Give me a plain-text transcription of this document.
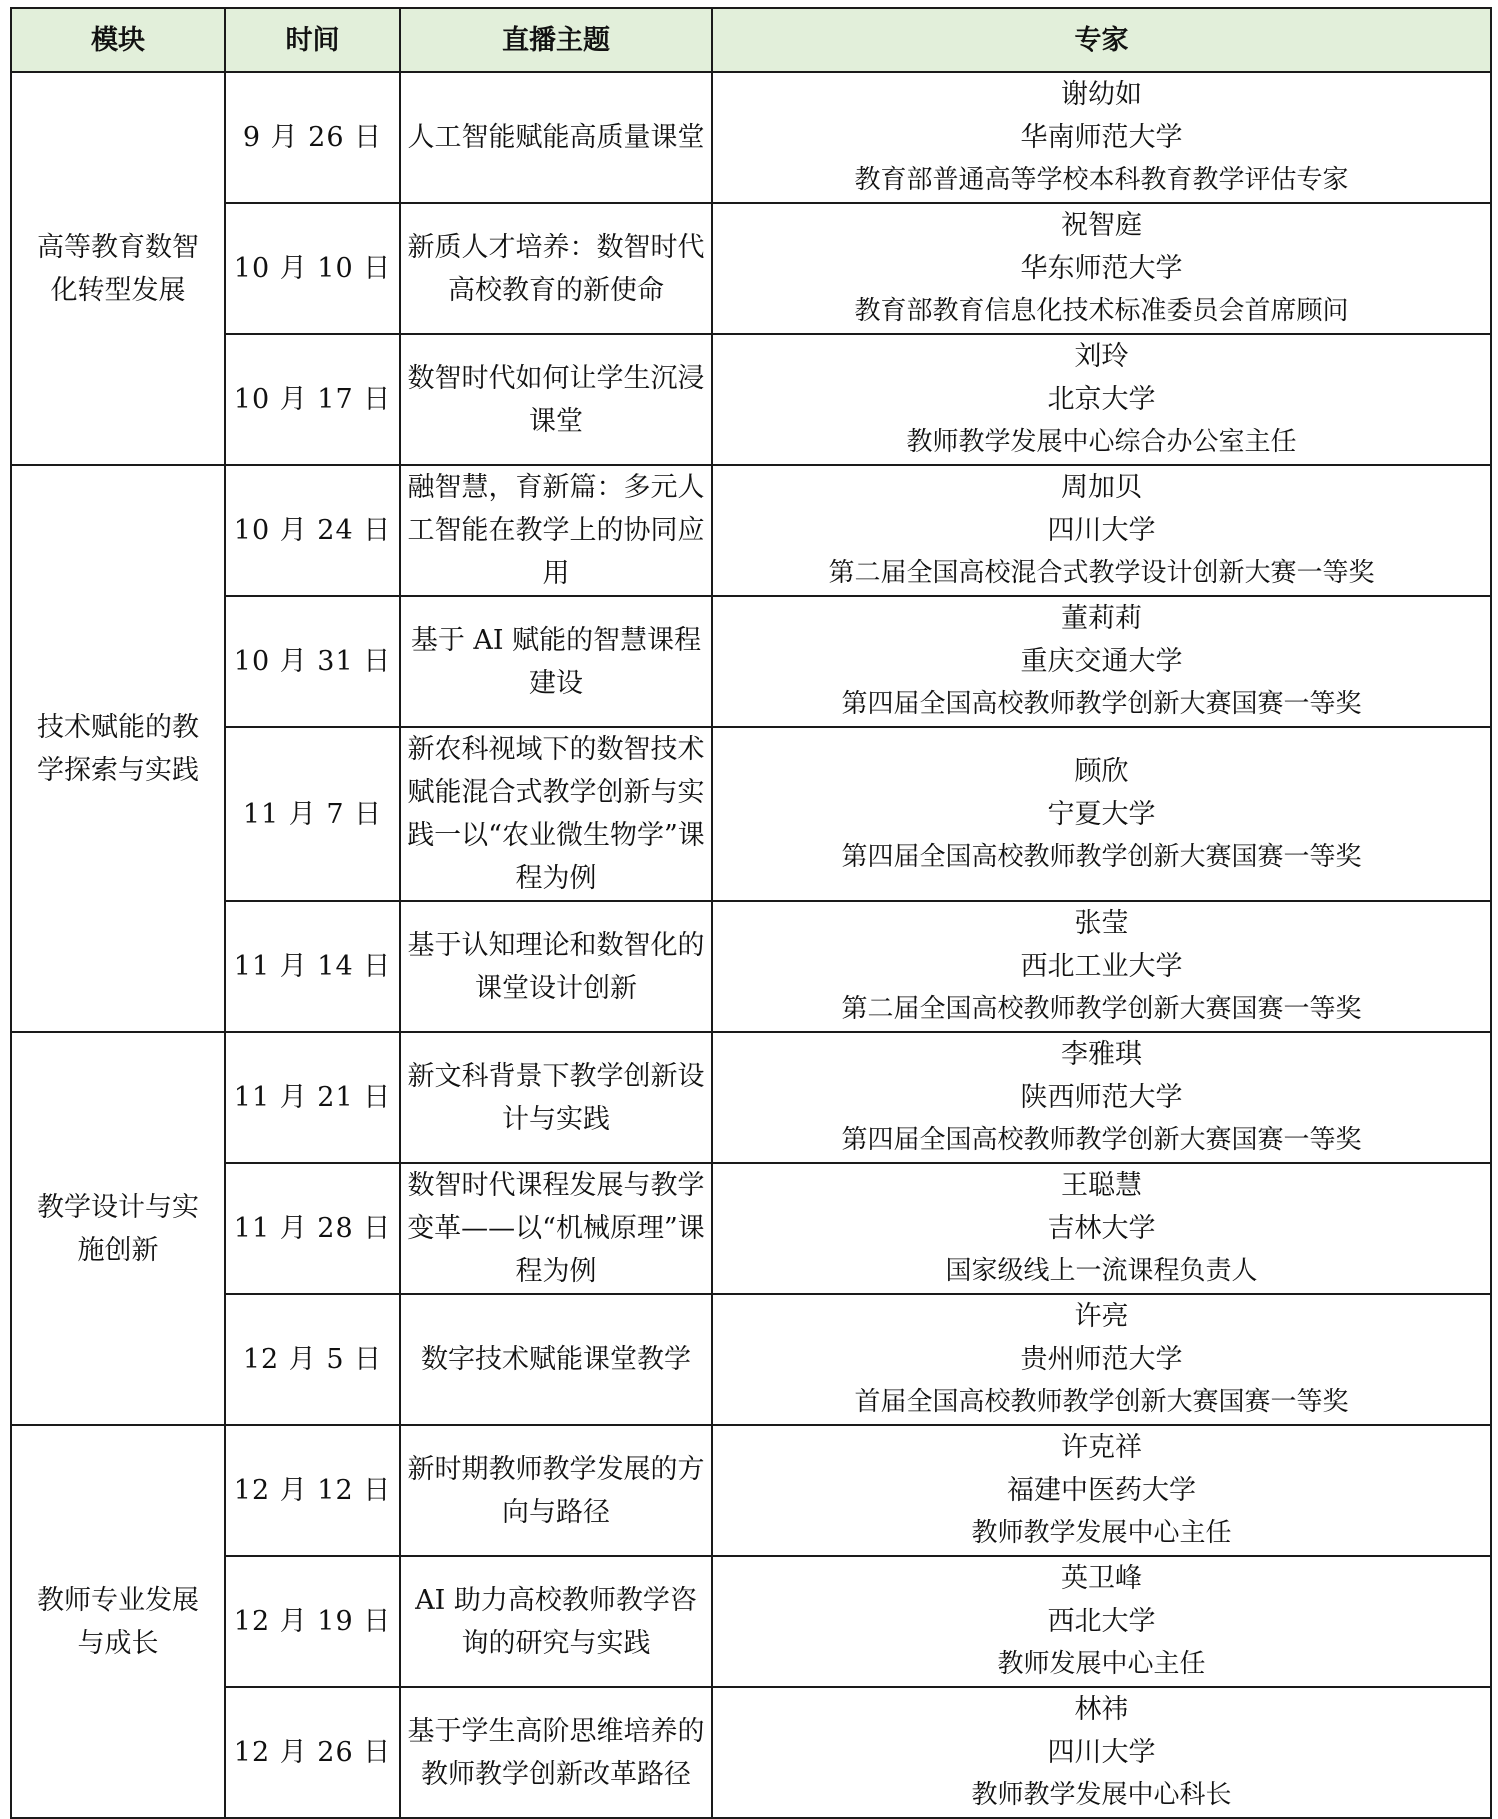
模块	时间	直播主题	专家
高等教育数智化转型发展	9 月 26 日	人工智能赋能高质量课堂	谢幼如
华南师范大学
教育部普通高等学校本科教育教学评估专家

	10 月 10 日	新质人才培养：数智时代高校教育的新使命	祝智庭
华东师范大学
教育部教育信息化技术标准委员会首席顾问

	10 月 17 日	数智时代如何让学生沉浸课堂	刘玲
北京大学
教师教学发展中心综合办公室主任

技术赋能的教学探索与实践	10 月 24 日	融智慧，育新篇：多元人工智能在教学上的协同应用	周加贝
四川大学
第二届全国高校混合式教学设计创新大赛一等奖

	10 月 31 日	基于 AI 赋能的智慧课程建设	董莉莉
重庆交通大学
第四届全国高校教师教学创新大赛国赛一等奖

	11 月 7 日	新农科视域下的数智技术赋能混合式教学创新与实践一以“农业微生物学”课程为例	顾欣
宁夏大学
第四届全国高校教师教学创新大赛国赛一等奖

	11 月 14 日	基于认知理论和数智化的课堂设计创新	张莹
西北工业大学
第二届全国高校教师教学创新大赛国赛一等奖

教学设计与实施创新	11 月 21 日	新文科背景下教学创新设计与实践	李雅琪
陕西师范大学
第四届全国高校教师教学创新大赛国赛一等奖

	11 月 28 日	数智时代课程发展与教学变革——以“机械原理”课程为例	王聪慧
吉林大学
国家级线上一流课程负责人

	12 月 5 日	数字技术赋能课堂教学	许亮
贵州师范大学
首届全国高校教师教学创新大赛国赛一等奖

教师专业发展与成长	12 月 12 日	新时期教师教学发展的方向与路径	许克祥
福建中医药大学
教师教学发展中心主任

	12 月 19 日	AI 助力高校教师教学咨询的研究与实践	英卫峰
西北大学
教师发展中心主任

	12 月 26 日	基于学生高阶思维培养的教师教学创新改革路径	林祎
四川大学
教师教学发展中心科长
